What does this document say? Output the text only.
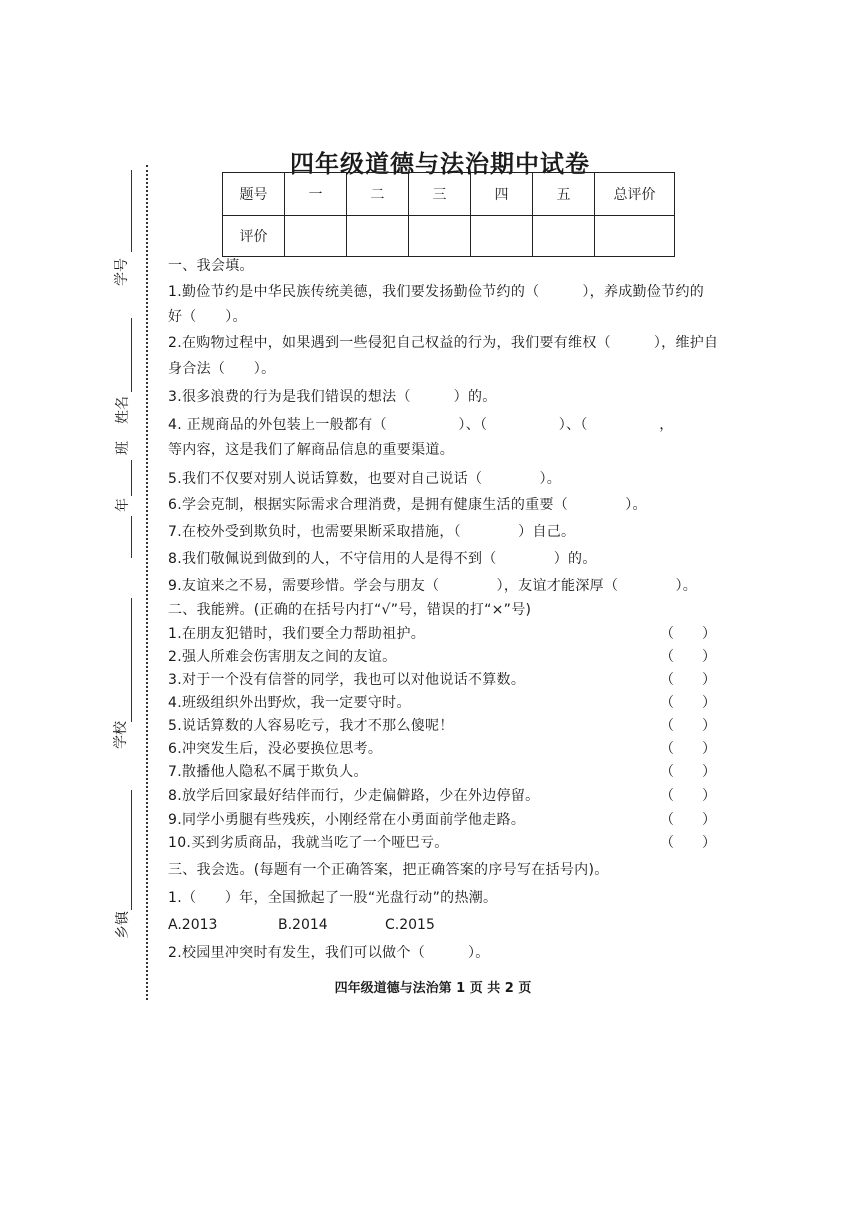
学号
姓名
班
年
学校
乡镇
四年级道德与法治期中试卷
题号	一	二	三	四	五	总评价
评价						
一、我会填。
1.勤俭节约是中华民族传统美德，我们要发扬勤俭节约的（　　　），养成勤俭节约的
好（　　）。
2.在购物过程中，如果遇到一些侵犯自己权益的行为，我们要有维权（　　　），维护自
身合法（　　）。
3.很多浪费的行为是我们错误的想法（　　　）的。
4. 正规商品的外包装上一般都有（　　　　　）、（　　　　　）、（　　　　　，
等内容，这是我们了解商品信息的重要渠道。
5.我们不仅要对别人说话算数，也要对自己说话（　　　　）。
6.学会克制，根据实际需求合理消费，是拥有健康生活的重要（　　　　）。
7.在校外受到欺负时，也需要果断采取措施，（　　　　）自己。
8.我们敬佩说到做到的人，不守信用的人是得不到（　　　　）的。
9.友谊来之不易，需要珍惜。学会与朋友（　　　　），友谊才能深厚（　　　　）。
二、我能辨。(正确的在括号内打“√”号，错误的打“×”号)
1.在朋友犯错时，我们要全力帮助祖护。	（　　）
2.强人所难会伤害朋友之间的友谊。	（　　）
3.对于一个没有信誉的同学，我也可以对他说话不算数。	（　　）
4.班级组织外出野炊，我一定要守时。	（　　）
5.说话算数的人容易吃亏，我才不那么傻呢！	（　　）
6.冲突发生后，没必要换位思考。	（　　）
7.散播他人隐私不属于欺负人。	（　　）
8.放学后回家最好结伴而行，少走偏僻路，少在外边停留。	（　　）
9.同学小勇腿有些残疾，小刚经常在小勇面前学他走路。	（　　）
10.买到劣质商品，我就当吃了一个哑巴亏。	（　　）
三、我会选。(每题有一个正确答案，把正确答案的序号写在括号内)。
1.（　　）年，全国掀起了一股“光盘行动”的热潮。
A.2013	B.2014	C.2015
2.校园里冲突时有发生，我们可以做个（　　　）。
四年级道德与法治第 1 页 共 2 页
